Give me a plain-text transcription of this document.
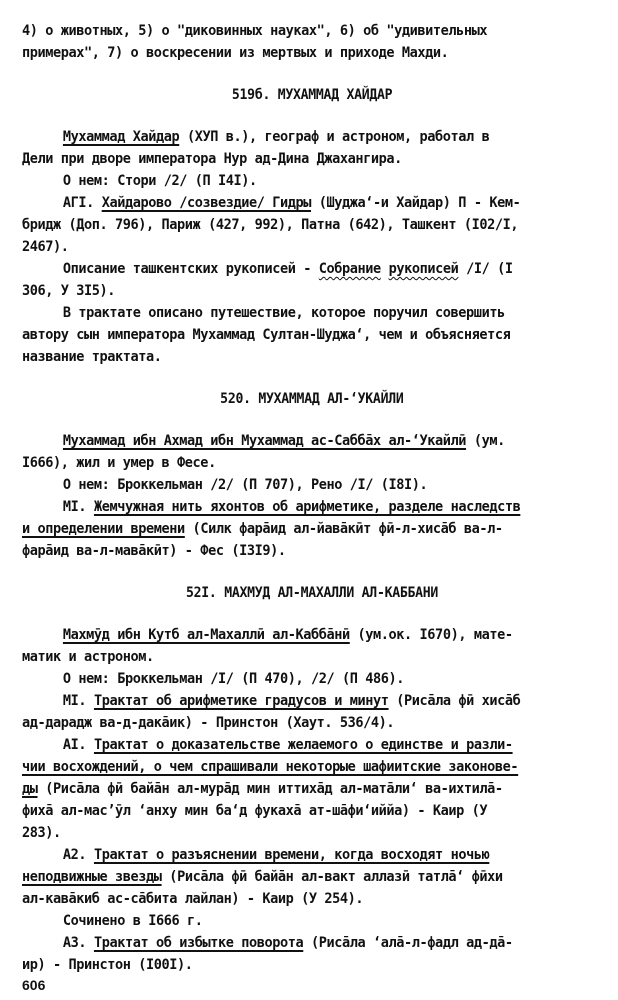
4) о животных, 5) о "диковинных науках", 6) об "удивительных
примерах", 7) о воскресении из мертвых и приходе Махди.
519б. МУХАММАД ХАЙДАР
Мухаммад Хайдар (ХУП в.), географ и астроном, работал в
Дели при дворе императора Нур ад-Дина Джахангира.
О нем: Стори /2/ (П I4I).
АГI. Хайдарово /созвездие/ Гидры (Шуджа‘-и Хайдар) П - Кем-
бридж (Доп. 796), Париж (427, 992), Патна (642), Ташкент (I02/I,
2467).
Описание ташкентских рукописей - Собрание рукописей /I/ (I
306, У 3I5).
В трактате описано путешествие, которое поручил совершить
автору сын императора Мухаммад Султан-Шуджа‘, чем и объясняется
название трактата.
520. МУХАММАД АЛ-‘УКАЙЛИ
Мухаммад ибн Ахмад ибн Мухаммад ас-Саббāх ал-‘Укайлӣ (ум.
I666), жил и умер в Фесе.
О нем: Броккельман /2/ (П 707), Рено /I/ (I8I).
МI. Жемчужная нить яхонтов об арифметике, разделе наследств
и определении времени (Силк фарāид ал-йавāкӣт фӣ-л-хисāб ва-л-
фарāид ва-л-мавāкӣт) - Фес (I3I9).
52I. МАХМУД АЛ-МАХАЛЛИ АЛ-КАББАНИ
Махмӯд ибн Кутб ал-Махаллӣ ал-Каббāнӣ (ум.ок. I670), мате-
матик и астроном.
О нем: Броккельман /I/ (П 470), /2/ (П 486).
МI. Трактат об арифметике градусов и минут (Рисāла фӣ хисāб
ад-дарадж ва-д-дакāик) - Принстон (Хаут. 536/4).
АI. Трактат о доказательстве желаемого о единстве и разли-
чии восхождений, о чем спрашивали некоторые шафиитские законове-
ды (Рисāла фӣ байāн ал-мурāд мин иттихāд ал-матāли‘ ва-ихтилā-
фихā ал-мас’ӯл ‘анху мин ба‘д фукахā ат-шāфи‘иййа) - Каир (У
283).
А2. Трактат о разъяснении времени, когда восходят ночью
неподвижные звезды (Рисāла фӣ байāн ал-вакт аллазӣ татлā‘ фӣхи
ал-кавāкиб ас-сāбита лайлан) - Каир (У 254).
Сочинено в I666 г.
А3. Трактат об избытке поворота (Рисāла ‘алā-л-фадл ад-дā-
ир) - Принстон (I00I).
606
